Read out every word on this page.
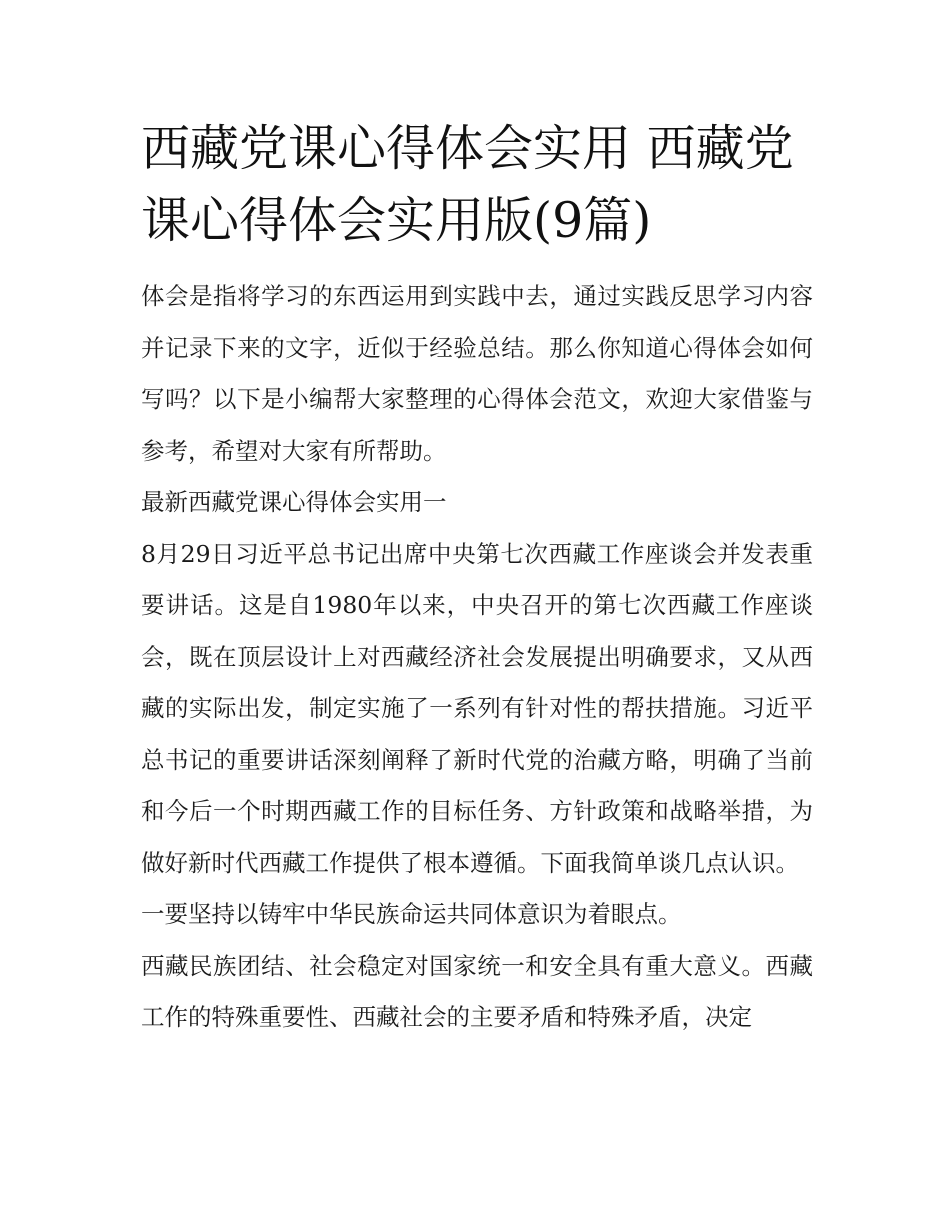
西藏党课心得体会实用 西藏党课心得体会实用版(9篇)

体会是指将学习的东西运用到实践中去，通过实践反思学习内容并记录下来的文字，近似于经验总结。那么你知道心得体会如何写吗？以下是小编帮大家整理的心得体会范文，欢迎大家借鉴与参考，希望对大家有所帮助。

最新西藏党课心得体会实用一

8月29日习近平总书记出席中央第七次西藏工作座谈会并发表重要讲话。这是自1980年以来，中央召开的第七次西藏工作座谈会，既在顶层设计上对西藏经济社会发展提出明确要求，又从西藏的实际出发，制定实施了一系列有针对性的帮扶措施。习近平总书记的重要讲话深刻阐释了新时代党的治藏方略，明确了当前和今后一个时期西藏工作的目标任务、方针政策和战略举措，为做好新时代西藏工作提供了根本遵循。下面我简单谈几点认识。

一要坚持以铸牢中华民族命运共同体意识为着眼点。

西藏民族团结、社会稳定对国家统一和安全具有重大意义。西藏工作的特殊重要性、西藏社会的主要矛盾和特殊矛盾，决定
